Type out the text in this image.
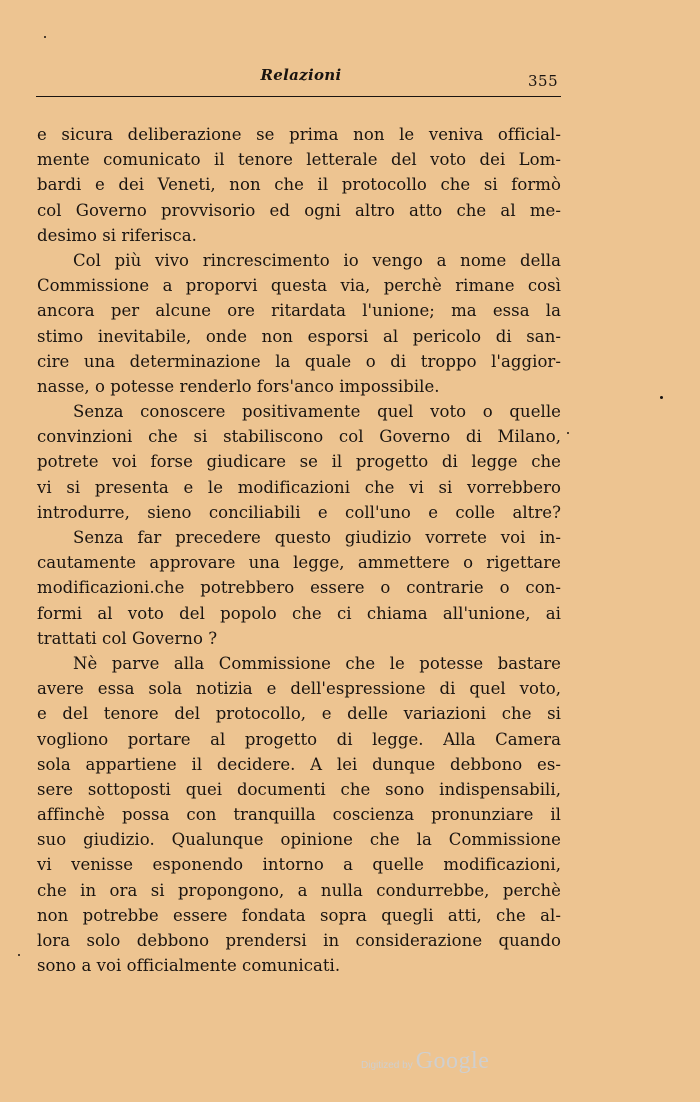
Relazioni	355
e sicura deliberazione se prima non le veniva official-
mente comunicato il tenore letterale del voto dei Lom-
bardi e dei Veneti, non che il protocollo che si formò
col Governo provvisorio ed ogni altro atto che al me-
desimo si riferisca.
Col più vivo rincrescimento io vengo a nome della
Commissione a proporvi questa via, perchè rimane così
ancora per alcune ore ritardata l'unione; ma essa la
stimo inevitabile, onde non esporsi al pericolo di san-
cire una determinazione la quale o di troppo l'aggior-
nasse, o potesse renderlo fors'anco impossibile.
Senza conoscere positivamente quel voto o quelle
convinzioni che si stabiliscono col Governo di Milano,
potrete voi forse giudicare se il progetto di legge che
vi si presenta e le modificazioni che vi si vorrebbero
introdurre, sieno conciliabili e coll'uno e colle altre?
Senza far precedere questo giudizio vorrete voi in-
cautamente approvare una legge, ammettere o rigettare
modificazioni.che potrebbero essere o contrarie o con-
formi al voto del popolo che ci chiama all'unione, ai
trattati col Governo ?
Nè parve alla Commissione che le potesse bastare
avere essa sola notizia e dell'espressione di quel voto,
e del tenore del protocollo, e delle variazioni che si
vogliono portare al progetto di legge. Alla Camera
sola appartiene il decidere. A lei dunque debbono es-
sere sottoposti quei documenti che sono indispensabili,
affinchè possa con tranquilla coscienza pronunziare il
suo giudizio. Qualunque opinione che la Commissione
vi venisse esponendo intorno a quelle modificazioni,
che in ora si propongono, a nulla condurrebbe, perchè
non potrebbe essere fondata sopra quegli atti, che al-
lora solo debbono prendersi in considerazione quando
sono a voi officialmente comunicati.
Digitized by Google
